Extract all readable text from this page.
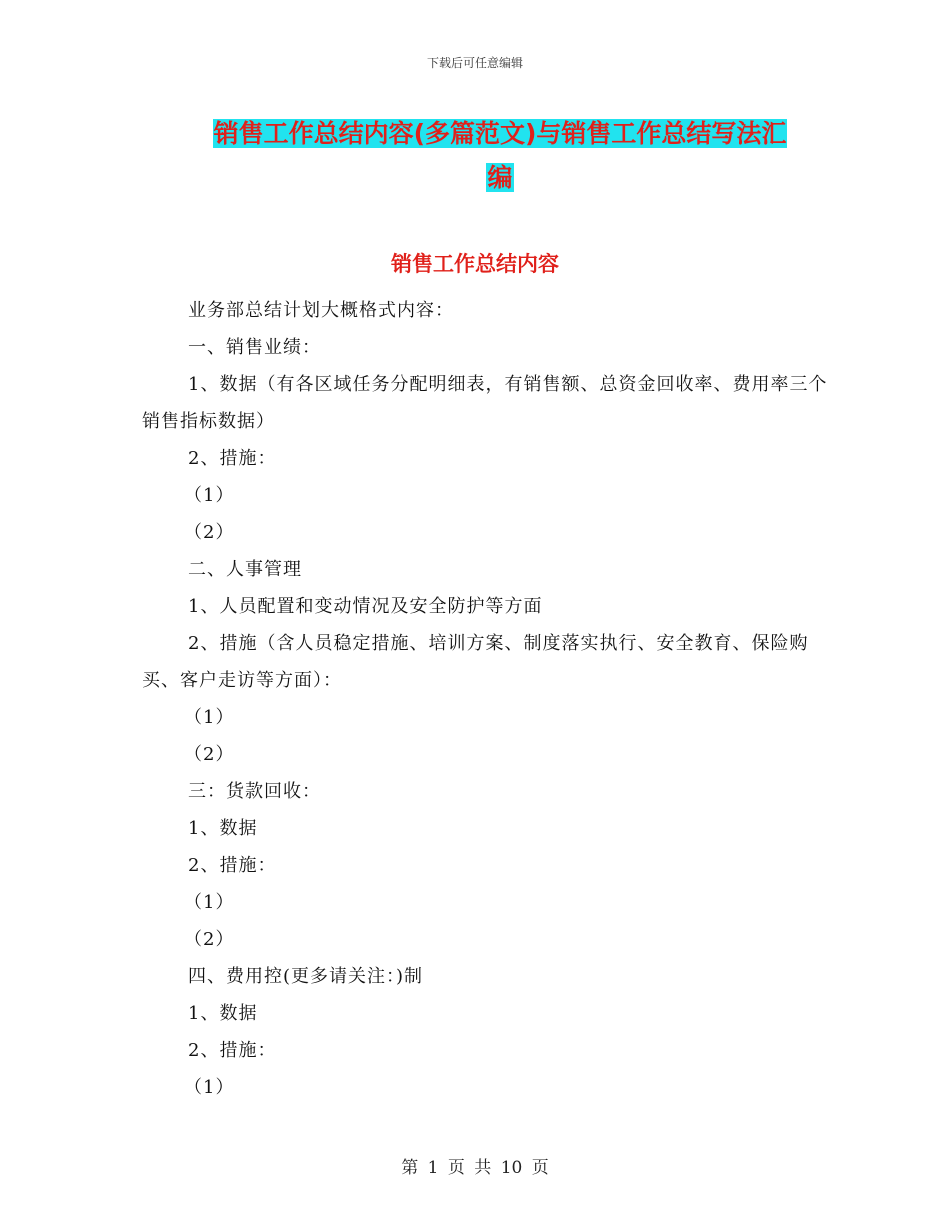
下载后可任意编辑
销售工作总结内容(多篇范文)与销售工作总结写法汇
编
销售工作总结内容

业务部总结计划大概格式内容：

一、销售业绩：

1、数据（有各区域任务分配明细表，有销售额、总资金回收率、费用率三个销售指标数据）

2、措施：

（1）

（2）

二、人事管理

1、人员配置和变动情况及安全防护等方面

2、措施（含人员稳定措施、培训方案、制度落实执行、安全教育、保险购买、客户走访等方面）：

（1）

（2）

三：货款回收：

1、数据

2、措施：

（1）

（2）

四、费用控(更多请关注：)制

1、数据

2、措施：

（1）

第 1 页 共 10 页
